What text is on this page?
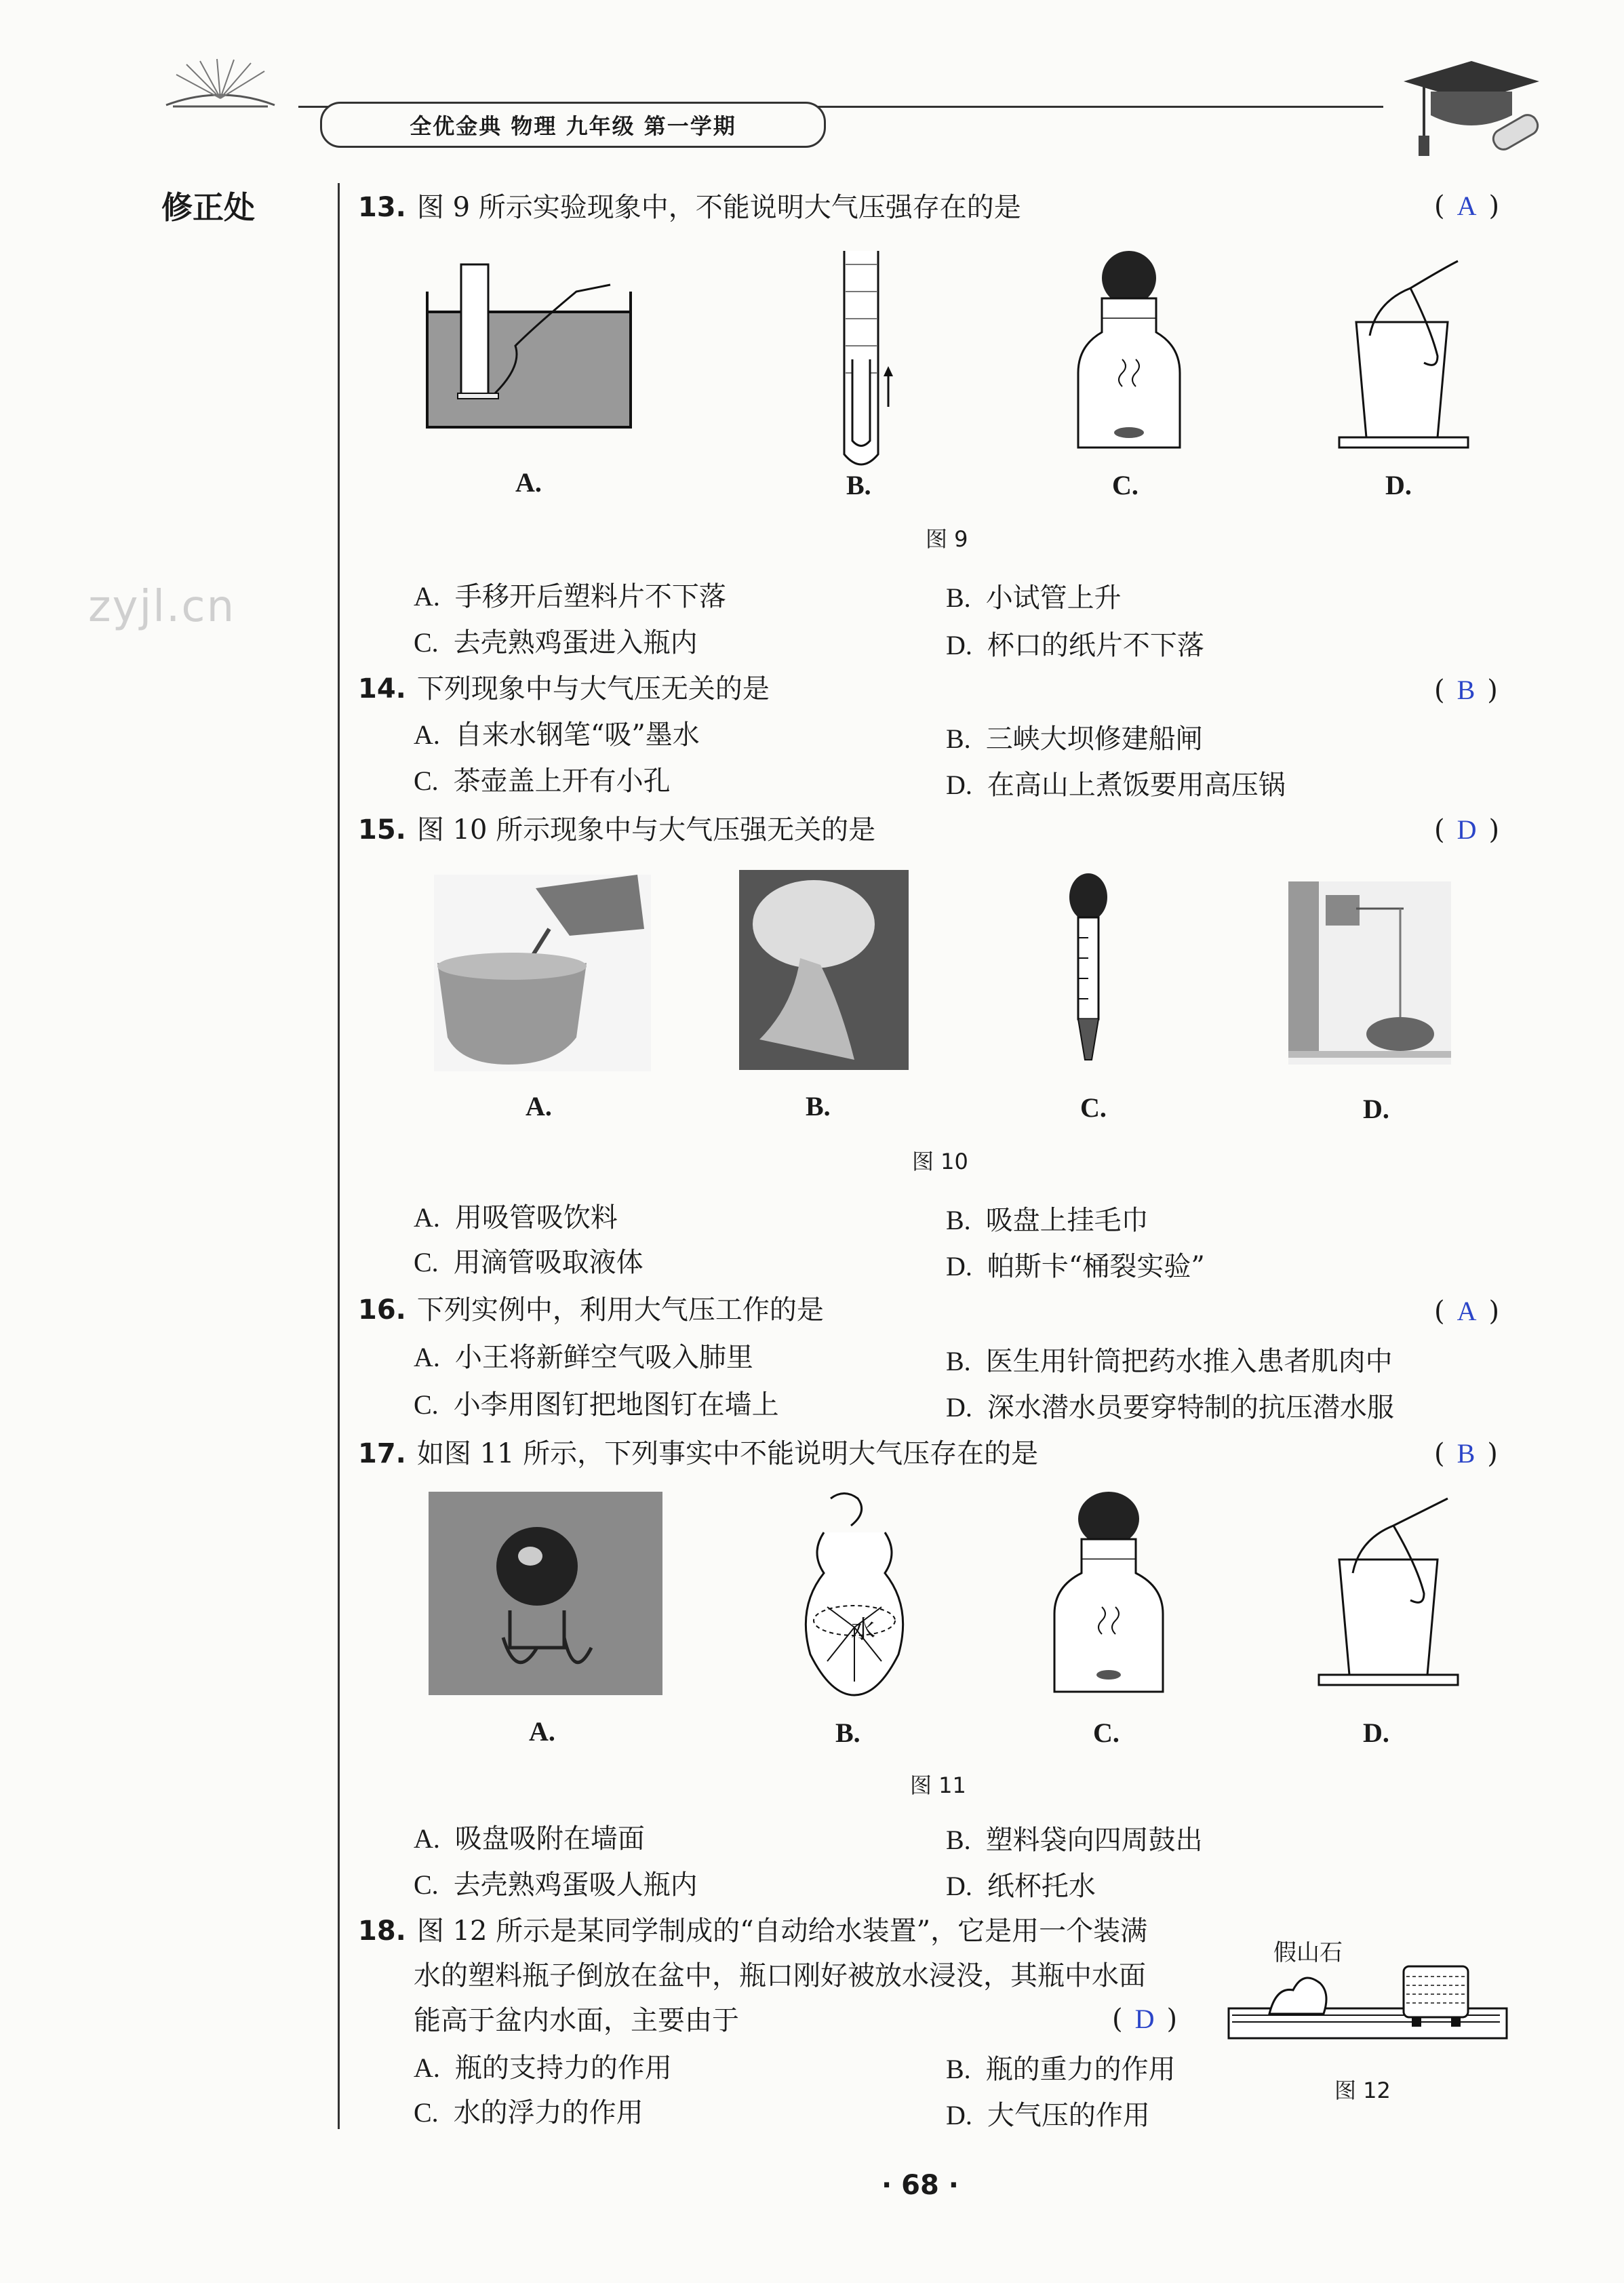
全优金典 物理 九年级 第一学期
修正处
zyjl.cn
13. 图 9 所示实验现象中，不能说明大气压强存在的是	( A )
A.	B.	C.	D.
图 9
A. 手移开后塑料片不下落	B. 小试管上升
C. 去壳熟鸡蛋进入瓶内	D. 杯口的纸片不下落
14. 下列现象中与大气压无关的是	( B )
A. 自来水钢笔“吸”墨水	B. 三峡大坝修建船闸
C. 茶壶盖上开有小孔	D. 在高山上煮饭要用高压锅
15. 图 10 所示现象中与大气压强无关的是	( D )
A.	B.	C.	D.
图 10
A. 用吸管吸饮料	B. 吸盘上挂毛巾
C. 用滴管吸取液体	D. 帕斯卡“桶裂实验”
16. 下列实例中，利用大气压工作的是	( A )
A. 小王将新鲜空气吸入肺里	B. 医生用针筒把药水推入患者肌肉中
C. 小李用图钉把地图钉在墙上	D. 深水潜水员要穿特制的抗压潜水服
17. 如图 11 所示，下列事实中不能说明大气压存在的是	( B )
水
A.	B.	C.	D.
图 11
A. 吸盘吸附在墙面	B. 塑料袋向四周鼓出
C. 去壳熟鸡蛋吸人瓶内	D. 纸杯托水
18. 图 12 所示是某同学制成的“自动给水装置”，它是用一个装满
水的塑料瓶子倒放在盆中，瓶口刚好被放水浸没，其瓶中水面
能高于盆内水面，主要由于	( D )
A. 瓶的支持力的作用	B. 瓶的重力的作用
C. 水的浮力的作用	D. 大气压的作用
假山石
图 12
· 68 ·
